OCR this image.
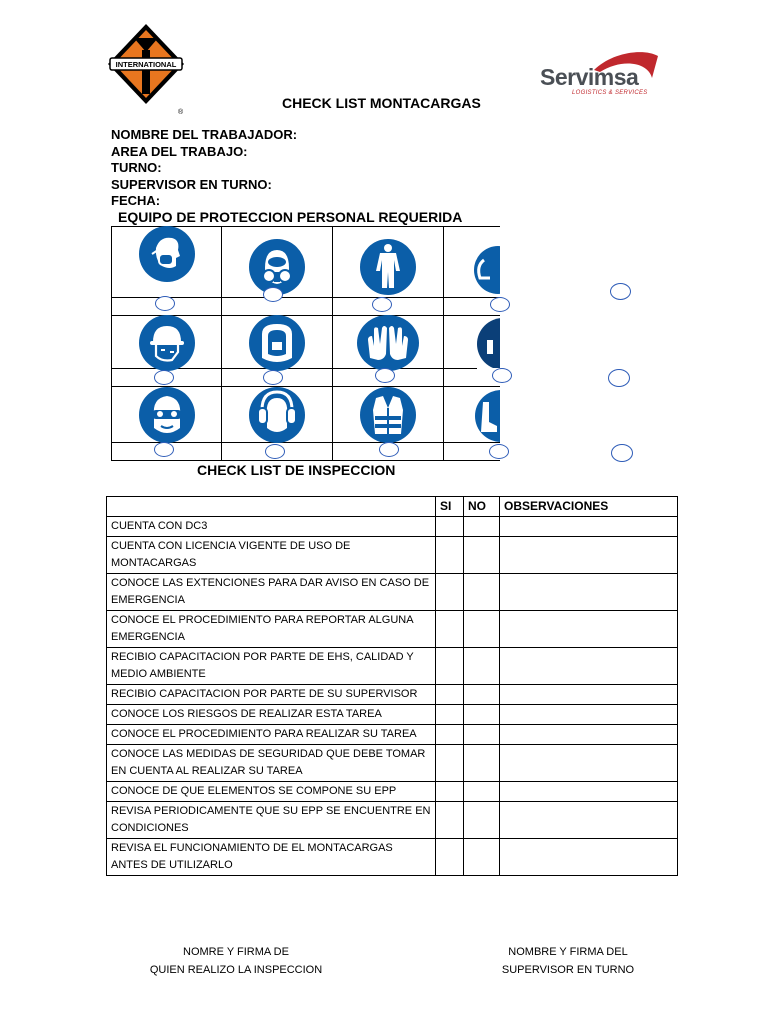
INTERNATIONAL
®
Servimsa
LOGISTICS & SERVICES
CHECK LIST MONTACARGAS
NOMBRE DEL TRABAJADOR:
AREA DEL TRABAJO:
TURNO:
SUPERVISOR EN TURNO:
FECHA:
EQUIPO DE PROTECCION PERSONAL REQUERIDA
CHECK LIST DE INSPECCION
	SI	NO	OBSERVACIONES
CUENTA CON DC3			
CUENTA CON LICENCIA VIGENTE DE USO DE MONTACARGAS			
CONOCE LAS EXTENCIONES PARA DAR AVISO EN CASO DE EMERGENCIA			
CONOCE EL PROCEDIMIENTO PARA REPORTAR ALGUNA EMERGENCIA			
RECIBIO CAPACITACION POR PARTE DE EHS, CALIDAD Y MEDIO AMBIENTE			
RECIBIO CAPACITACION POR PARTE DE SU SUPERVISOR			
CONOCE LOS RIESGOS DE REALIZAR ESTA TAREA			
CONOCE EL PROCEDIMIENTO PARA REALIZAR SU TAREA			
CONOCE LAS MEDIDAS DE SEGURIDAD QUE DEBE TOMAR EN CUENTA AL REALIZAR SU TAREA			
CONOCE DE QUE ELEMENTOS SE COMPONE SU EPP			
REVISA PERIODICAMENTE QUE SU EPP SE ENCUENTRE EN CONDICIONES			
REVISA EL FUNCIONAMIENTO DE EL MONTACARGAS ANTES DE UTILIZARLO			
NOMRE Y FIRMA DE
QUIEN REALIZO LA INSPECCION
NOMBRE Y FIRMA DEL
SUPERVISOR EN TURNO
